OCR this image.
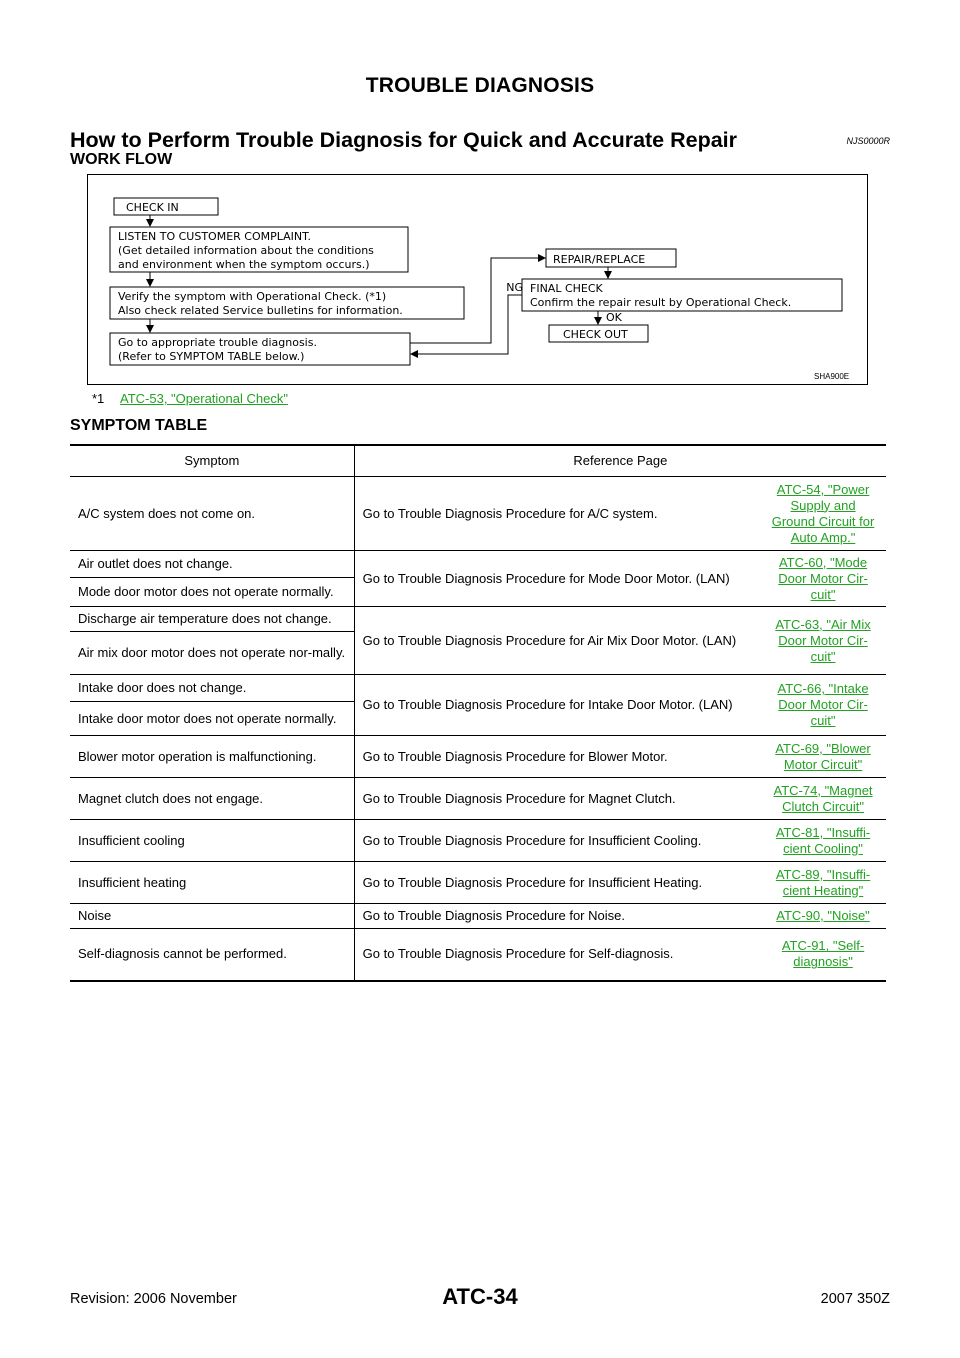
TROUBLE DIAGNOSIS
How to Perform Trouble Diagnosis for Quick and Accurate Repair	NJS0000R
WORK FLOW
CHECK IN
LISTEN TO CUSTOMER COMPLAINT.
(Get detailed information about the conditions
and environment when the symptom occurs.)
Verify the symptom with Operational Check. (*1)
Also check related Service bulletins for information.
Go to appropriate trouble diagnosis.
(Refer to SYMPTOM TABLE below.)
REPAIR/REPLACE
FINAL CHECK
Confirm the repair result by Operational Check.
CHECK OUT
NG
OK
SHA900E
*1 ATC-53, "Operational Check"
SYMPTOM TABLE
Symptom	Reference Page	
A/C system does not come on.	Go to Trouble Diagnosis Procedure for A/C system.	ATC-54, "Power
Supply and
Ground Circuit for
Auto Amp."
Air outlet does not change.	Go to Trouble Diagnosis Procedure for Mode Door Motor. (LAN)	ATC-60, "Mode
Door Motor Cir-
cuit"
Mode door motor does not operate normally.		
Discharge air temperature does not change.	Go to Trouble Diagnosis Procedure for Air Mix Door Motor. (LAN)	ATC-63, "Air Mix
Door Motor Cir-
cuit"
Air mix door motor does not operate nor-mally.		
Intake door does not change.	Go to Trouble Diagnosis Procedure for Intake Door Motor. (LAN)	ATC-66, "Intake
Door Motor Cir-
cuit"
Intake door motor does not operate normally.		
Blower motor operation is malfunctioning.	Go to Trouble Diagnosis Procedure for Blower Motor.	ATC-69, "Blower
Motor Circuit"
Magnet clutch does not engage.	Go to Trouble Diagnosis Procedure for Magnet Clutch.	ATC-74, "Magnet
Clutch Circuit"
Insufficient cooling	Go to Trouble Diagnosis Procedure for Insufficient Cooling.	ATC-81, "Insuffi-
cient Cooling"
Insufficient heating	Go to Trouble Diagnosis Procedure for Insufficient Heating.	ATC-89, "Insuffi-
cient Heating"
Noise	Go to Trouble Diagnosis Procedure for Noise.	ATC-90, "Noise"
Self-diagnosis cannot be performed.	Go to Trouble Diagnosis Procedure for Self-diagnosis.	ATC-91, "Self-
diagnosis"
Revision: 2006 November	ATC-34	2007 350Z
